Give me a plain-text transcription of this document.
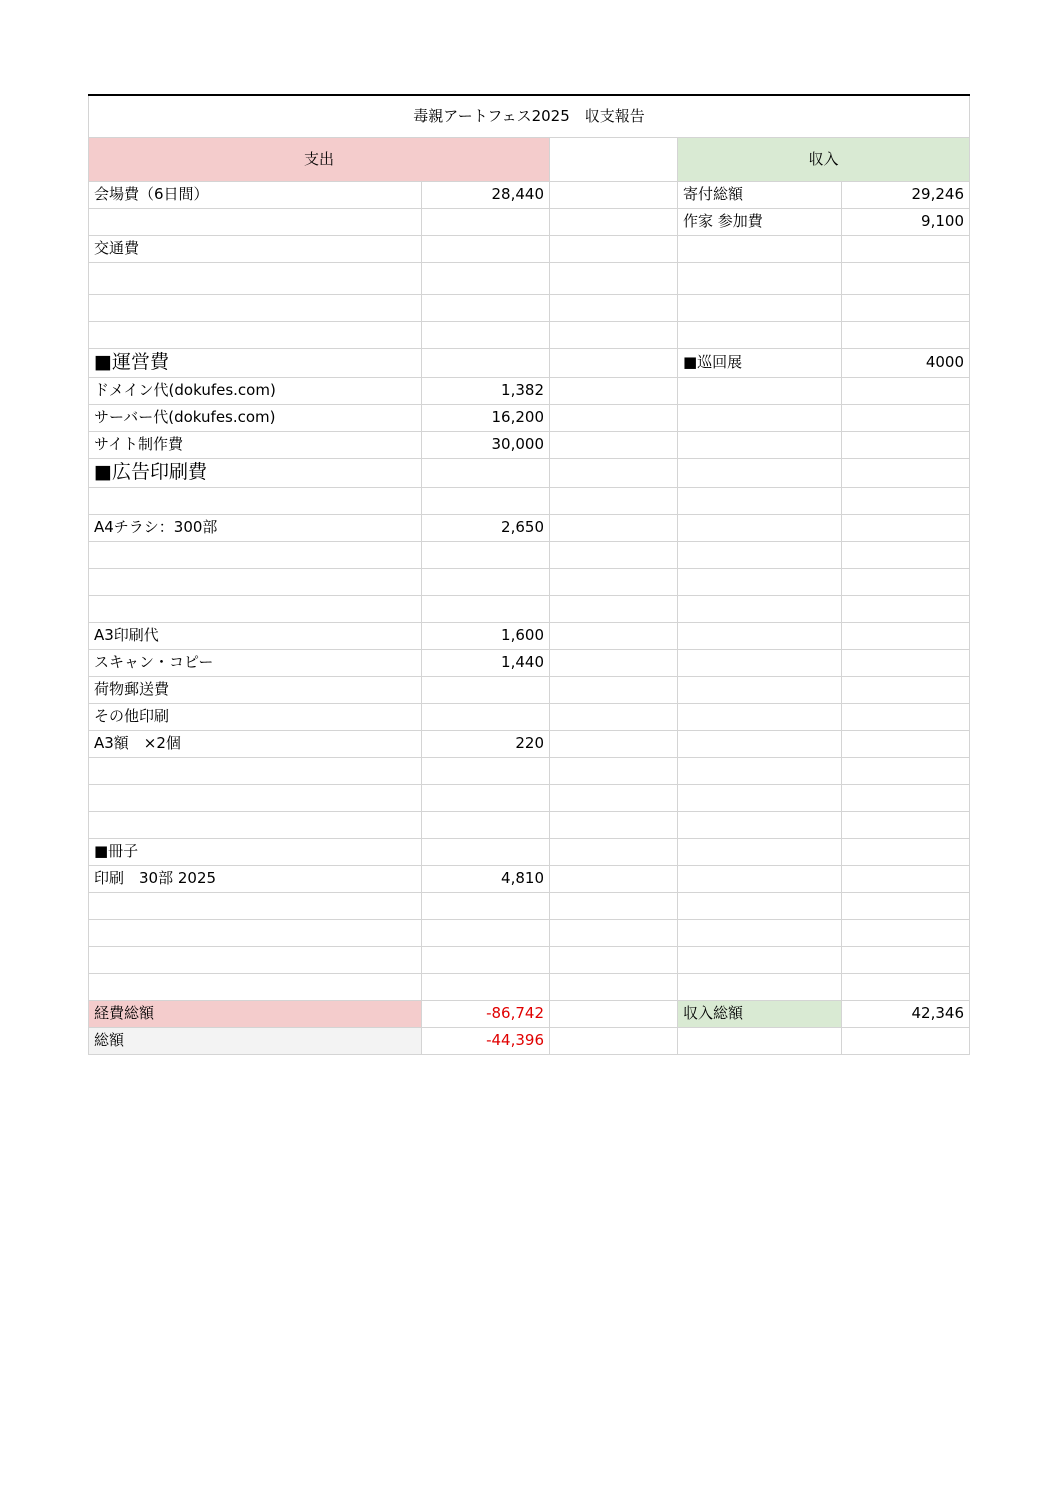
毒親アートフェス2025　収支報告				
支出			収入	
会場費（6日間）	28,440		寄付総額	29,246
			作家 参加費	9,100
交通費				

■運営費			■巡回展	4000
ドメイン代(dokufes.com)	1,382			
サーバー代(dokufes.com)	16,200			
サイト制作費	30,000			
■広告印刷費				

A4チラシ：300部	2,650			

A3印刷代	1,600			
スキャン・コピー	1,440			
荷物郵送費				
その他印刷				
A3額　×2個	220			

■冊子				
印刷　30部 2025	4,810			

経費総額	-86,742		収入総額	42,346
総額	-44,396			
